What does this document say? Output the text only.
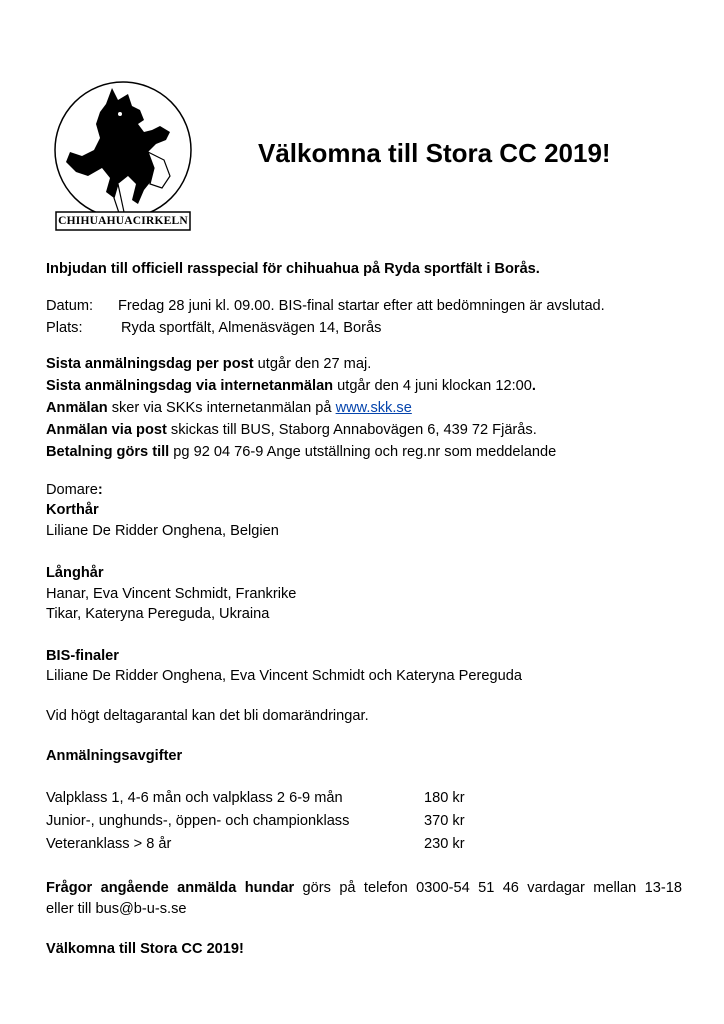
CHIHUAHUACIRKELN
Välkomna till Stora CC 2019!
Inbjudan till officiell rasspecial för chihuahua på Ryda sportfält i Borås.
Datum: Fredag 28 juni kl. 09.00. BIS-final startar efter att bedömningen är avslutad.
Plats:	Ryda sportfält, Almenäsvägen 14, Borås
Sista anmälningsdag per post utgår den 27 maj.
Sista anmälningsdag via internetanmälan utgår den 4 juni klockan 12:00.
Anmälan sker via SKKs internetanmälan på www.skk.se
Anmälan via post skickas till BUS, Staborg Annabovägen 6, 439 72 Fjärås.
Betalning görs till pg 92 04 76-9 Ange utställning och reg.nr som meddelande
Domare:
Korthår
Liliane De Ridder Onghena, Belgien
Långhår
Hanar, Eva Vincent Schmidt, Frankrike
Tikar, Kateryna Pereguda, Ukraina
BIS-finaler
Liliane De Ridder Onghena, Eva Vincent Schmidt och Kateryna Pereguda
Vid högt deltagarantal kan det bli domarändringar.
Anmälningsavgifter
Valpklass 1, 4-6 mån och valpklass 2 6-9 mån	180 kr
Junior-, unghunds-, öppen- och championklass	370 kr
Veteranklass > 8 år	230 kr
Frågor angående anmälda hundar görs på telefon 0300-54 51 46 vardagar mellan 13-18
eller till bus@b-u-s.se
Välkomna till Stora CC 2019!
